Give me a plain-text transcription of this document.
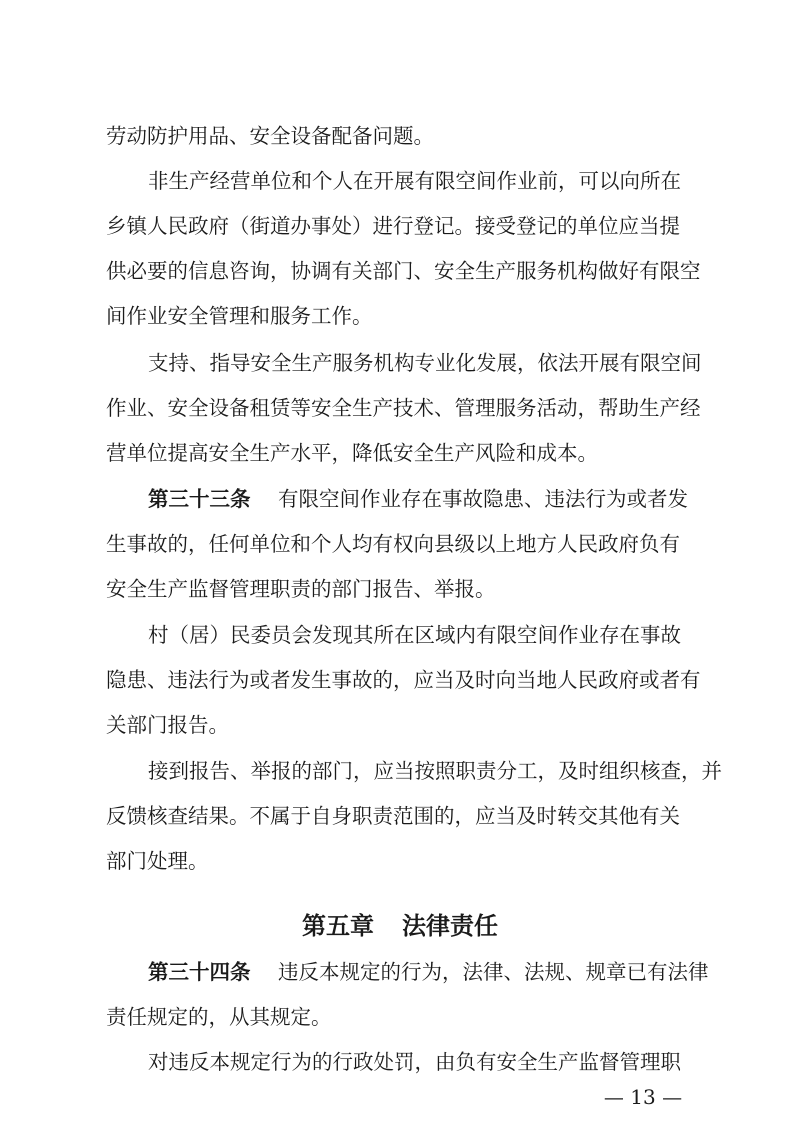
劳动防护用品、安全设备配备问题。
非生产经营单位和个人在开展有限空间作业前，可以向所在
乡镇人民政府（街道办事处）进行登记。接受登记的单位应当提
供必要的信息咨询，协调有关部门、安全生产服务机构做好有限空
间作业安全管理和服务工作。
支持、指导安全生产服务机构专业化发展，依法开展有限空间
作业、安全设备租赁等安全生产技术、管理服务活动，帮助生产经
营单位提高安全生产水平，降低安全生产风险和成本。
第三十三条	有限空间作业存在事故隐患、违法行为或者发
生事故的，任何单位和个人均有权向县级以上地方人民政府负有
安全生产监督管理职责的部门报告、举报。
村（居）民委员会发现其所在区域内有限空间作业存在事故
隐患、违法行为或者发生事故的，应当及时向当地人民政府或者有
关部门报告。
接到报告、举报的部门，应当按照职责分工，及时组织核查，并
反馈核查结果。不属于自身职责范围的，应当及时转交其他有关
部门处理。
第五章 法律责任
第三十四条	违反本规定的行为，法律、法规、规章已有法律
责任规定的，从其规定。
对违反本规定行为的行政处罚，由负有安全生产监督管理职
— 13 —
